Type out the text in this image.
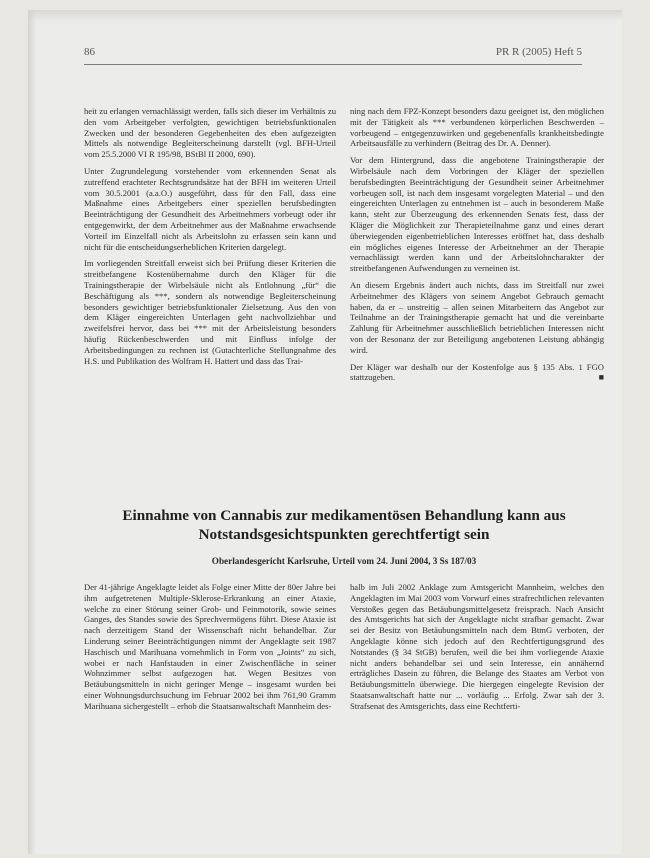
86	PR R (2005) Heft 5

heit zu erlangen vernachlässigt werden, falls sich dieser im Verhältnis zu den vom Arbeitgeber verfolgten, gewichtigen betriebsfunktionalen Zwecken und der besonderen Gegebenheiten des eben aufgezeigten Mittels als notwendige Begleiterscheinung darstellt (vgl. BFH-Urteil vom 25.5.2000 VI R 195/98, BStBl II 2000, 690).

Unter Zugrundelegung vorstehender vom erkennenden Senat als zutreffend erachteter Rechtsgrundsätze hat der BFH im weiteren Urteil vom 30.5.2001 (a.a.O.) ausgeführt, dass für den Fall, dass eine Maßnahme eines Arbeitgebers einer speziellen berufsbedingten Beeinträchtigung der Gesundheit des Arbeitnehmers vorbeugt oder ihr entgegenwirkt, der dem Arbeitnehmer aus der Maßnahme erwachsende Vorteil im Einzelfall nicht als Arbeitslohn zu erfassen sein kann und nicht für die entscheidungserheblichen Kriterien dargelegt.

Im vorliegenden Streitfall erweist sich bei Prüfung dieser Kriterien die streitbefangene Kostenübernahme durch den Kläger für die Trainingstherapie der Wirbelsäule nicht als Entlohnung „für“ die Beschäftigung als ***, sondern als notwendige Begleiterscheinung besonders gewichtiger betriebsfunktionaler Zielsetzung. Aus den von dem Kläger eingereichten Unterlagen geht nachvollziehbar und zweifelsfrei hervor, dass bei *** mit der Arbeitsleistung besonders häufig Rückenbeschwerden und mit Einfluss infolge der Arbeitsbedingungen zu rechnen ist (Gutachterliche Stellungnahme des H.S. und Publikation des Wolfram H. Hattert und dass das Trai-

ning nach dem FPZ-Konzept besonders dazu geeignet ist, den möglichen mit der Tätigkeit als *** verbundenen körperlichen Beschwerden – vorbeugend – entgegenzuwirken und gegebenenfalls krankheitsbedingte Arbeitsausfälle zu verhindern (Beitrag des Dr. A. Denner).

Vor dem Hintergrund, dass die angebotene Trainingstherapie der Wirbelsäule nach dem Vorbringen der Kläger der speziellen berufsbedingten Beeinträchtigung der Gesundheit seiner Arbeitnehmer vorbeugen soll, ist nach dem insgesamt vorgelegten Material – und den eingereichten Unterlagen zu entnehmen ist – auch in besonderem Maße kann, steht zur Überzeugung des erkennenden Senats fest, dass der Kläger die Möglichkeit zur Therapieteilnahme ganz und eines derart überwiegenden eigenbetrieblichen Interesses eröffnet hat, dass deshalb ein mögliches eigenes Interesse der Arbeitnehmer an der Therapie vernachlässigt werden kann und der Arbeitslohncharakter der streitbefangenen Aufwendungen zu verneinen ist.

An diesem Ergebnis ändert auch nichts, dass im Streitfall nur zwei Arbeitnehmer des Klägers von seinem Angebot Gebrauch gemacht haben, da er – unstreitig – allen seinen Mitarbeitern das Angebot zur Teilnahme an der Trainingstherapie gemacht hat und die vereinbarte Zahlung für Arbeitnehmer ausschließlich betrieblichen Interessen nicht von der Resonanz der zur Beteiligung angebotenen Leistung abhängig wird.

Der Kläger war deshalb nur der Kostenfolge aus § 135 Abs. 1 FGO stattzugeben.	■

Einnahme von Cannabis zur medikamentösen Behandlung kann aus
Notstandsgesichtspunkten gerechtfertigt sein
Oberlandesgericht Karlsruhe, Urteil vom 24. Juni 2004, 3 Ss 187/03

Der 41-jährige Angeklagte leidet als Folge einer Mitte der 80er Jahre bei ihm aufgetretenen Multiple-Sklerose-Erkrankung an einer Ataxie, welche zu einer Störung seiner Grob- und Feinmotorik, sowie seines Ganges, des Standes sowie des Sprechvermögens führt. Diese Ataxie ist nach derzeitigem Stand der Wissenschaft nicht behandelbar. Zur Linderung seiner Beeinträchtigungen nimmt der Angeklagte seit 1987 Haschisch und Marihuana vornehmlich in Form von „Joints“ zu sich, wobei er nach Hanfstauden in einer Zwischenfläche in seiner Wohnzimmer selbst aufgezogen hat. Wegen Besitzes von Betäubungsmitteln in nicht geringer Menge – insgesamt wurden bei einer Wohnungsdurchsuchung im Februar 2002 bei ihm 761,90 Gramm Marihuana sichergestellt – erhob die Staatsanwaltschaft Mannheim des-

halb im Juli 2002 Anklage zum Amtsgericht Mannheim, welches den Angeklagten im Mai 2003 vom Vorwurf eines strafrechtlichen relevanten Verstoßes gegen das Betäubungsmittelgesetz freisprach. Nach Ansicht des Amtsgerichts hat sich der Angeklagte nicht strafbar gemacht. Zwar sei der Besitz von Betäubungsmitteln nach dem BtmG verboten, der Angeklagte könne sich jedoch auf den Rechtfertigungsgrund des Notstandes (§ 34 StGB) berufen, weil die bei ihm vorliegende Ataxie nicht anders behandelbar sei und sein Interesse, ein annähernd erträgliches Dasein zu führen, die Belange des Staates am Verbot von Betäubungsmitteln überwiege. Die hiergegen eingelegte Revision der Staatsanwaltschaft hatte nur ... vorläufig ... Erfolg. Zwar sah der 3. Strafsenat des Amtsgerichts, dass eine Rechtferti-
